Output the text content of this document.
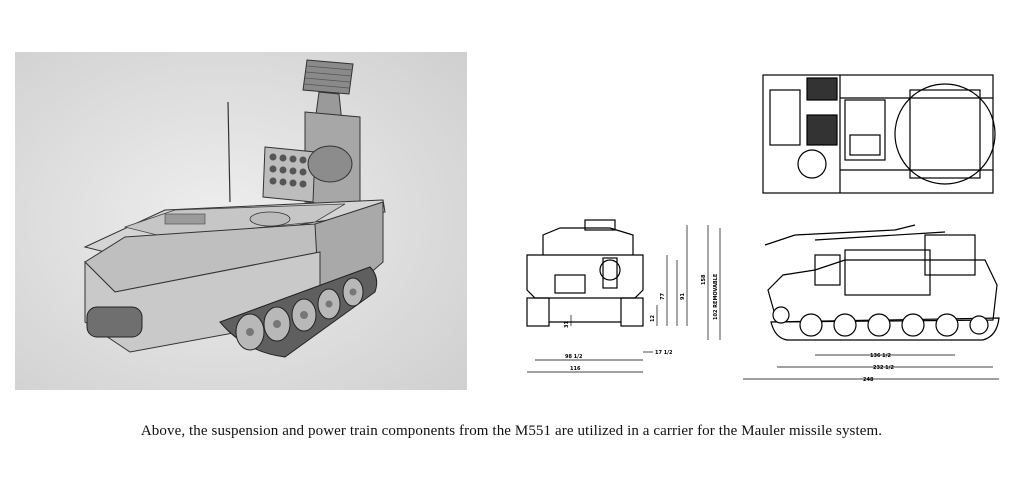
98 1/2
116
17 1/2
77	91
12
31
136 1/2
232 1/2
248
158 102 REMOVABLE
Above, the suspension and power train components from the M551 are utilized in a carrier for the Mauler missile system.
